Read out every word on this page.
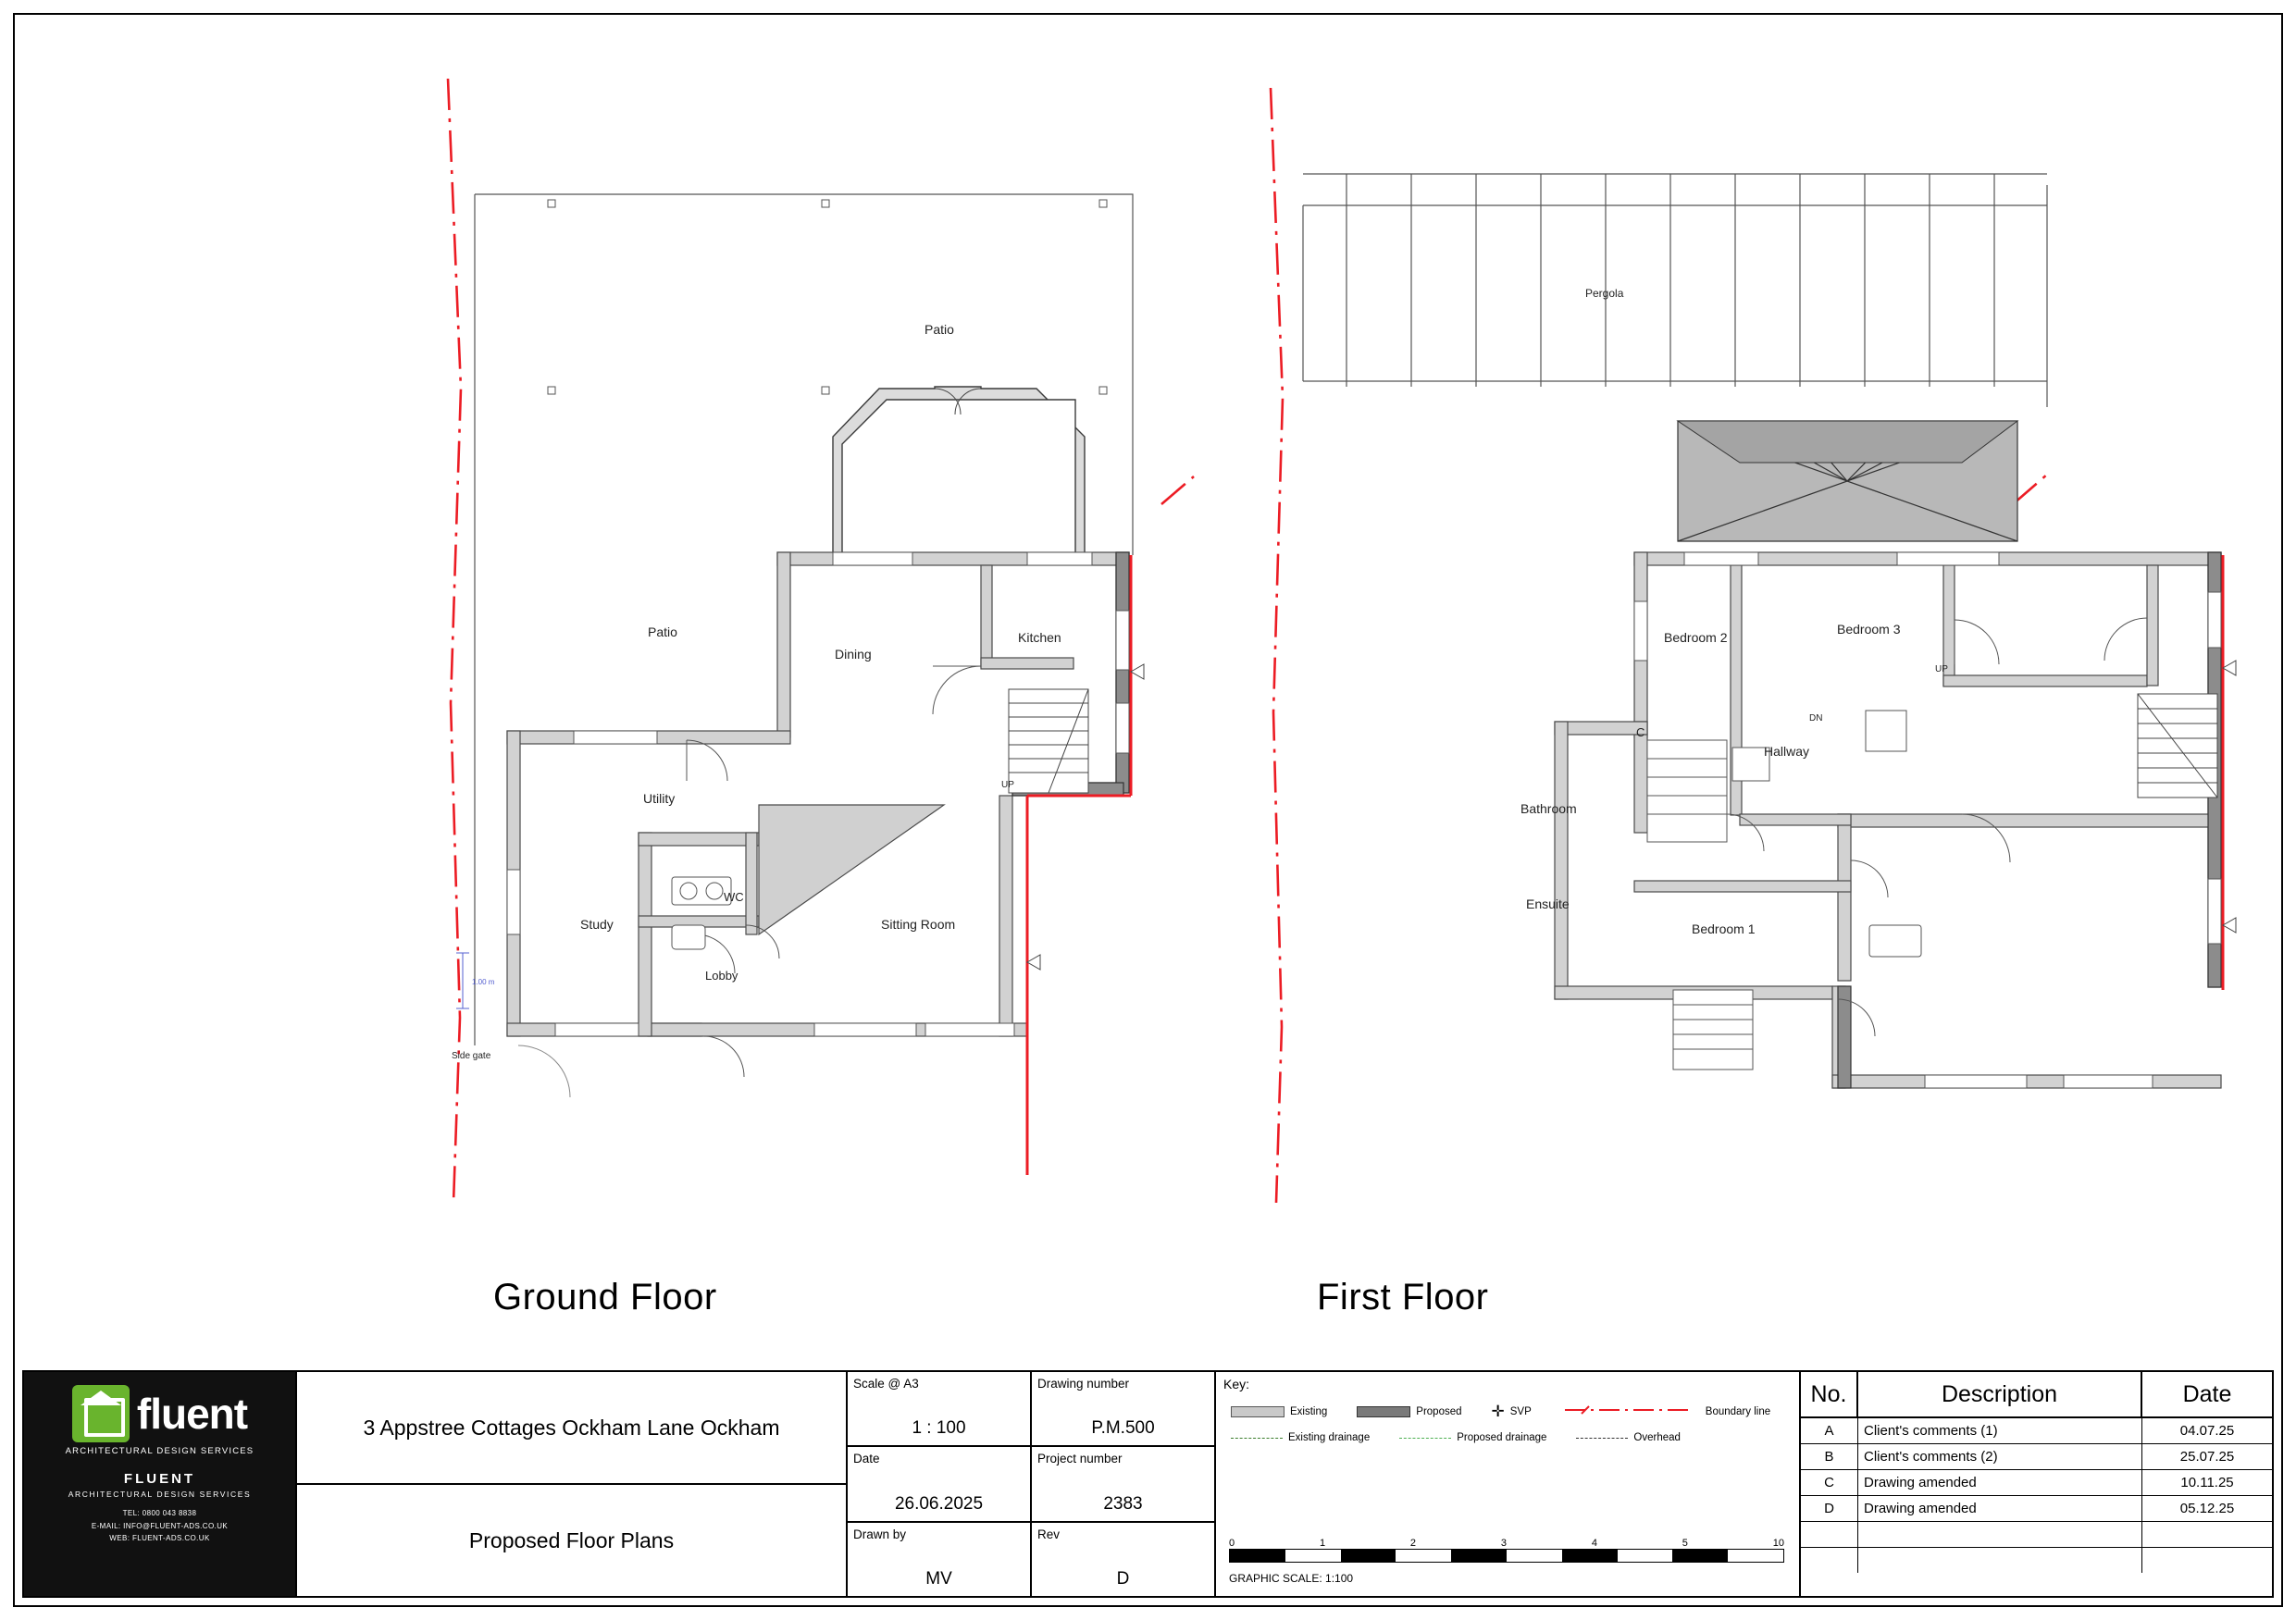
Patio
Patio
Dining
Kitchen
Utility
Study
WC
Lobby
Sitting Room
UP
Side gate
1.00 m
Pergola
Bedroom 2
Bedroom 3
Hallway
Bathroom
Ensuite
Bedroom 1
C
DN
UP
Ground Floor	First Floor
fluent
ARCHITECTURAL DESIGN SERVICES
FLUENT
ARCHITECTURAL DESIGN SERVICES
TEL: 0800 043 8838
E-MAIL: INFO@FLUENT-ADS.CO.UK
WEB: FLUENT-ADS.CO.UK
3 Appstree Cottages Ockham Lane Ockham
Proposed Floor Plans
Scale @ A3
1 : 100
Drawing number
P.M.500
Date
26.06.2025
Project number
2383
Drawn by
MV
Rev
D
Key:
Existing	Proposed ✛ SVP	Boundary line
Existing drainage	Proposed drainage	Overhead
0	1	2	3	4	5	10
GRAPHIC SCALE: 1:100
No.	Description	Date
A	Client's comments (1)	04.07.25
B	Client's comments (2)	25.07.25
C	Drawing amended	10.11.25
D	Drawing amended	05.12.25
